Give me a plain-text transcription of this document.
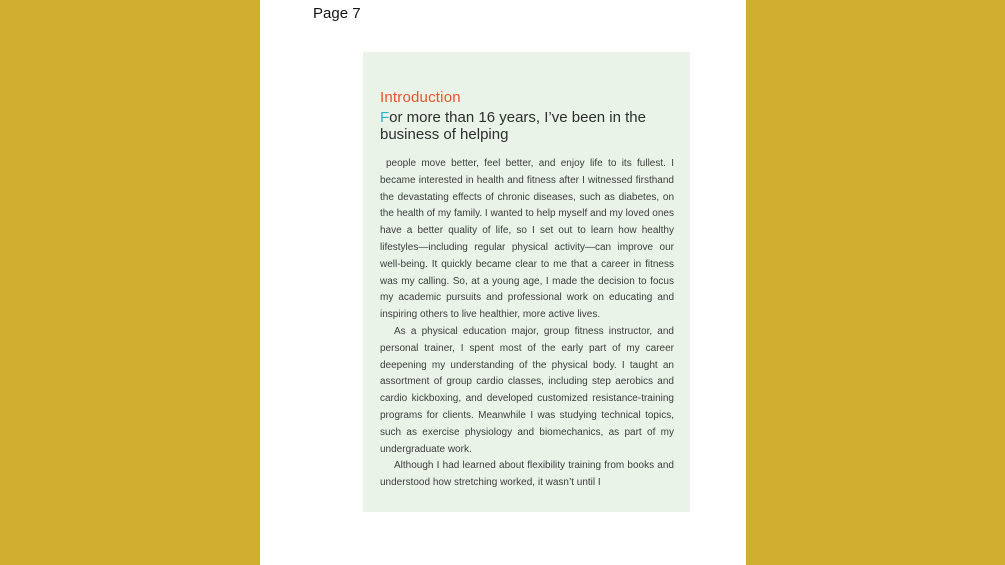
Page 7
Introduction
For more than 16 years, I’ve been in the business of helping

people move better, feel better, and enjoy life to its fullest. I became interested in health and fitness after I witnessed firsthand the devastating effects of chronic diseases, such as diabetes, on the health of my family. I wanted to help myself and my loved ones have a better quality of life, so I set out to learn how healthy lifestyles—including regular physical activity—can improve our well-being. It quickly became clear to me that a career in fitness was my calling. So, at a young age, I made the decision to focus my academic pursuits and professional work on educating and inspiring others to live healthier, more active lives.

As a physical education major, group fitness instructor, and personal trainer, I spent most of the early part of my career deepening my understanding of the physical body. I taught an assortment of group cardio classes, including step aerobics and cardio kickboxing, and developed customized resistance-training programs for clients. Meanwhile I was studying technical topics, such as exercise physiology and biomechanics, as part of my undergraduate work.

Although I had learned about flexibility training from books and understood how stretching worked, it wasn’t until I
